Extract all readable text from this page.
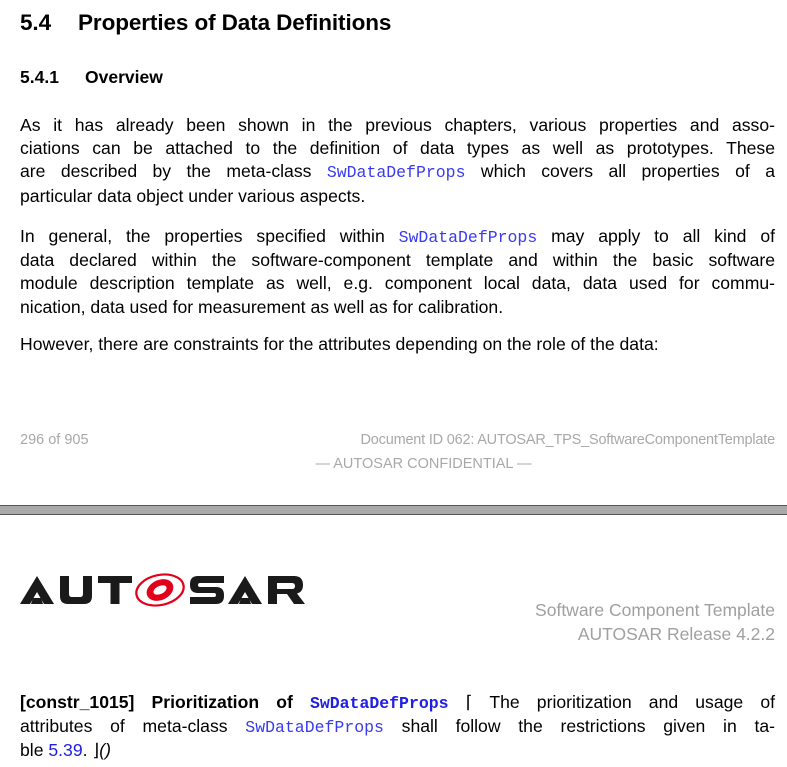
5.4 Properties of Data Definitions
5.4.1 Overview
As it has already been shown in the previous chapters, various properties and asso-
ciations can be attached to the definition of data types as well as prototypes. These
are described by the meta-class SwDataDefProps which covers all properties of a
particular data object under various aspects.
In general, the properties specified within SwDataDefProps may apply to all kind of
data declared within the software-component template and within the basic software
module description template as well, e.g. component local data, data used for commu-
nication, data used for measurement as well as for calibration.
However, there are constraints for the attributes depending on the role of the data:
296 of 905	Document ID 062: AUTOSAR_TPS_SoftwareComponentTemplate
— AUTOSAR CONFIDENTIAL —
Software Component Template
AUTOSAR Release 4.2.2
[constr_1015] Prioritization of SwDataDefProps ⌈ The prioritization and usage of
attributes of meta-class SwDataDefProps shall follow the restrictions given in ta-
ble 5.39. ⌋()
